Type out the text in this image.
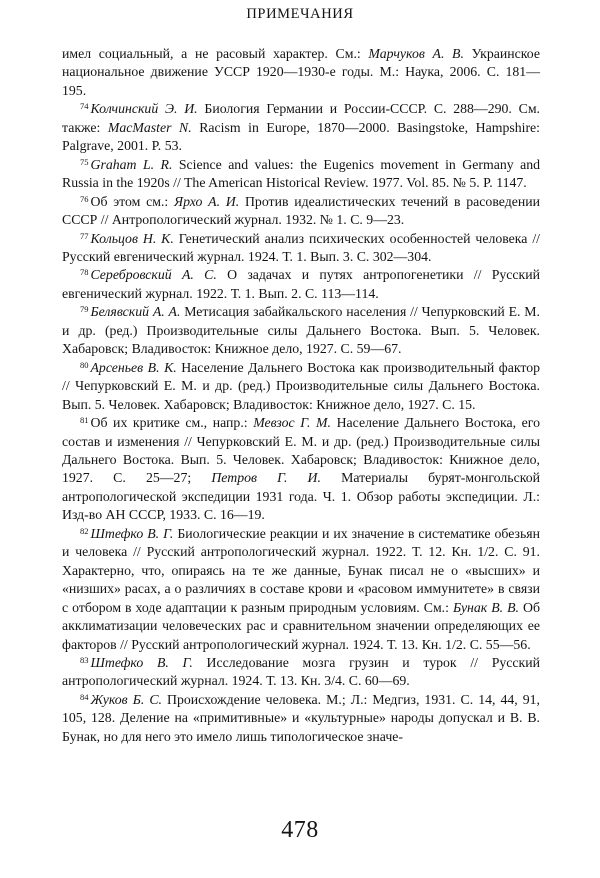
ПРИМЕЧАНИЯ

имел социальный, а не расовый характер. См.: Марчуков А. В. Украинское национальное движение УССР 1920—1930-е годы. М.: Наука, 2006. С. 181—195.

$^{74}$ Колчинский Э. И. Биология Германии и России-СССР. С. 288—290. См. также: MacMaster N. Racism in Europe, 1870—2000. Basingstoke, Hampshire: Palgrave, 2001. P. 53.

$^{75}$ Graham L. R. Science and values: the Eugenics movement in Germany and Russia in the 1920s // The American Historical Review. 1977. Vol. 85. № 5. P. 1147.

$^{76}$ Об этом см.: Ярхо А. И. Против идеалистических течений в расоведении СССР // Антропологический журнал. 1932. № 1. С. 9—23.

$^{77}$ Кольцов Н. К. Генетический анализ психических особенностей человека // Русский евгенический журнал. 1924. Т. 1. Вып. 3. С. 302—304.

$^{78}$ Серебровский А. С. О задачах и путях антропогенетики // Русский евгенический журнал. 1922. Т. 1. Вып. 2. С. 113—114.

$^{79}$ Белявский А. А. Метисация забайкальского населения // Чепурковский Е. М. и др. (ред.) Производительные силы Дальнего Востока. Вып. 5. Человек. Хабаровск; Владивосток: Книжное дело, 1927. С. 59—67.

$^{80}$ Арсеньев В. К. Население Дальнего Востока как производительный фактор // Чепурковский Е. М. и др. (ред.) Производительные силы Дальнего Востока. Вып. 5. Человек. Хабаровск; Владивосток: Книжное дело, 1927. С. 15.

$^{81}$ Об их критике см., напр.: Мевзос Г. М. Население Дальнего Востока, его состав и изменения // Чепурковский Е. М. и др. (ред.) Производительные силы Дальнего Востока. Вып. 5. Человек. Хабаровск; Владивосток: Книжное дело, 1927. С. 25—27; Петров Г. И. Материалы бурят-монгольской антропологической экспедиции 1931 года. Ч. 1. Обзор работы экспедиции. Л.: Изд-во АН СССР, 1933. С. 16—19.

$^{82}$ Штефко В. Г. Биологические реакции и их значение в систематике обезьян и человека // Русский антропологический журнал. 1922. Т. 12. Кн. 1/2. С. 91. Характерно, что, опираясь на те же данные, Бунак писал не о «высших» и «низших» расах, а о различиях в составе крови и «расовом иммунитете» в связи с отбором в ходе адаптации к разным природным условиям. См.: Бунак В. В. Об акклиматизации человеческих рас и сравнительном значении определяющих ее факторов // Русский антропологический журнал. 1924. Т. 13. Кн. 1/2. С. 55—56.

$^{83}$ Штефко В. Г. Исследование мозга грузин и турок // Русский антропологический журнал. 1924. Т. 13. Кн. 3/4. С. 60—69.

$^{84}$ Жуков Б. С. Происхождение человека. М.; Л.: Медгиз, 1931. С. 14, 44, 91, 105, 128. Деление на «примитивные» и «культурные» народы допускал и В. В. Бунак, но для него это имело лишь типологическое значе-

478
